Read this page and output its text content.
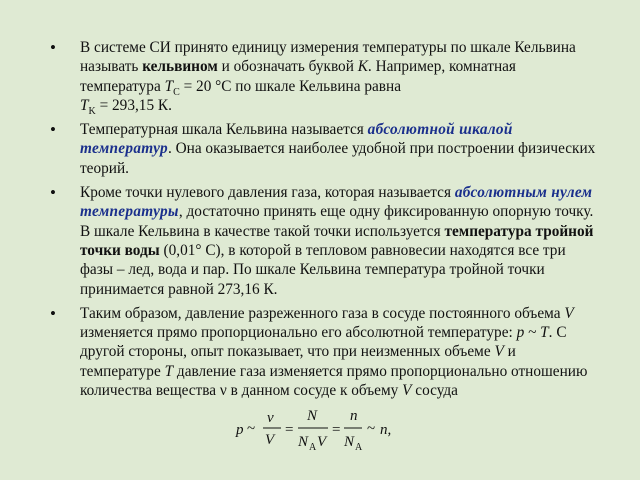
• В системе СИ принято единицу измерения температуры по шкале Кельвина называть кельвином и обозначать буквой K. Например, комнатная температура $T_C = 20$ °С по шкале Кельвина равна
$T_K = 293,15$ К.
• Температурная шкала Кельвина называется абсолютной шкалой температур. Она оказывается наиболее удобной при построении физических теорий.
• Кроме точки нулевого давления газа, которая называется абсолютным нулем температуры, достаточно принять еще одну фиксированную опорную точку. В шкале Кельвина в качестве такой точки используется температура тройной точки воды (0,01° С), в которой в тепловом равновесии находятся все три фазы – лед, вода и пар. По шкале Кельвина температура тройной точки принимается равной 273,16 К.
• Таким образом, давление разреженного газа в сосуде постоянного объема V изменяется прямо пропорционально его абсолютной температуре: p ~ T. С другой стороны, опыт показывает, что при неизменных объеме V и температуре T давление газа изменяется прямо пропорционально отношению количества вещества ν в данном сосуде к объему V сосуда
p ~
ν
V
=
N
N A V
=
n
N A
~ n,
